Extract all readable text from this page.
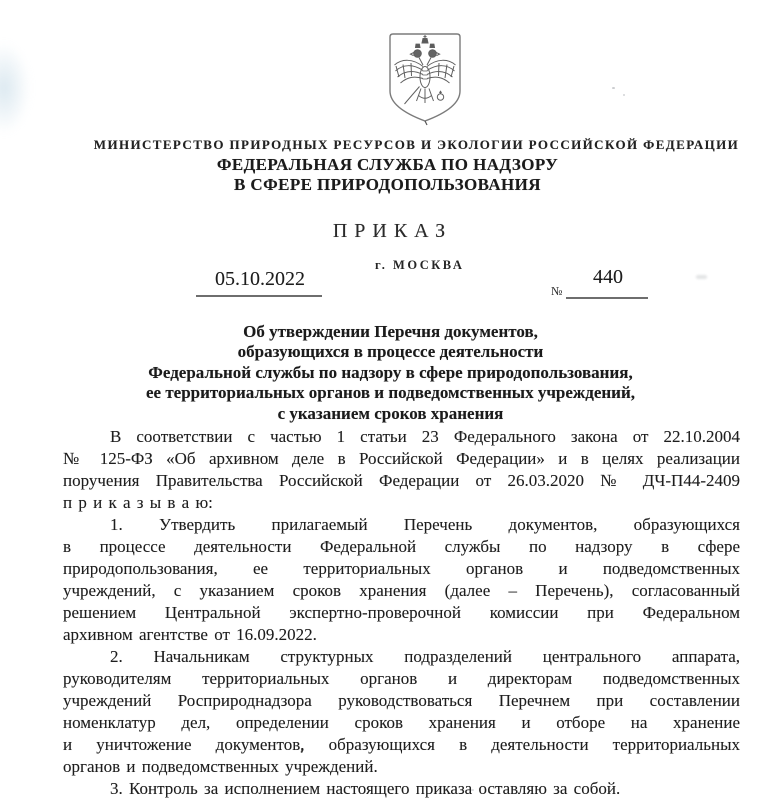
МИНИСТЕРСТВО ПРИРОДНЫХ РЕСУРСОВ И ЭКОЛОГИИ РОССИЙСКОЙ ФЕДЕРАЦИИ
ФЕДЕРАЛЬНАЯ СЛУЖБА ПО НАДЗОРУ
В СФЕРЕ ПРИРОДОПОЛЬЗОВАНИЯ
ПРИКАЗ
г. МОСКВА
05.10.2022
№
440
Об утверждении Перечня документов,
образующихся в процессе деятельности
Федеральной службы по надзору в сфере природопользования,
ее территориальных органов и подведомственных учреждений,
с указанием сроков хранения
В соответствии с частью 1 статьи 23 Федерального закона от 22.10.2004
№ 125-ФЗ «Об архивном деле в Российской Федерации» и в целях реализации
поручения Правительства Российской Федерации от 26.03.2020 № ДЧ-П44-2409
п р и к а з ы в а ю:
1. Утвердить прилагаемый Перечень документов, образующихся
в процессе деятельности Федеральной службы по надзору в сфере
природопользования, ее территориальных органов и подведомственных
учреждений, с указанием сроков хранения (далее – Перечень), согласованный
решением Центральной экспертно-проверочной комиссии при Федеральном
архивном агентстве от 16.09.2022.
2. Начальникам структурных подразделений центрального аппарата,
руководителям территориальных органов и директорам подведомственных
учреждений Росприроднадзора руководствоваться Перечнем при составлении
номенклатур дел, определении сроков хранения и отборе на хранение
и уничтожение документов, образующихся в деятельности территориальных
органов и подведомственных учреждений.
3. Контроль за исполнением настоящего приказа оставляю за собой.
